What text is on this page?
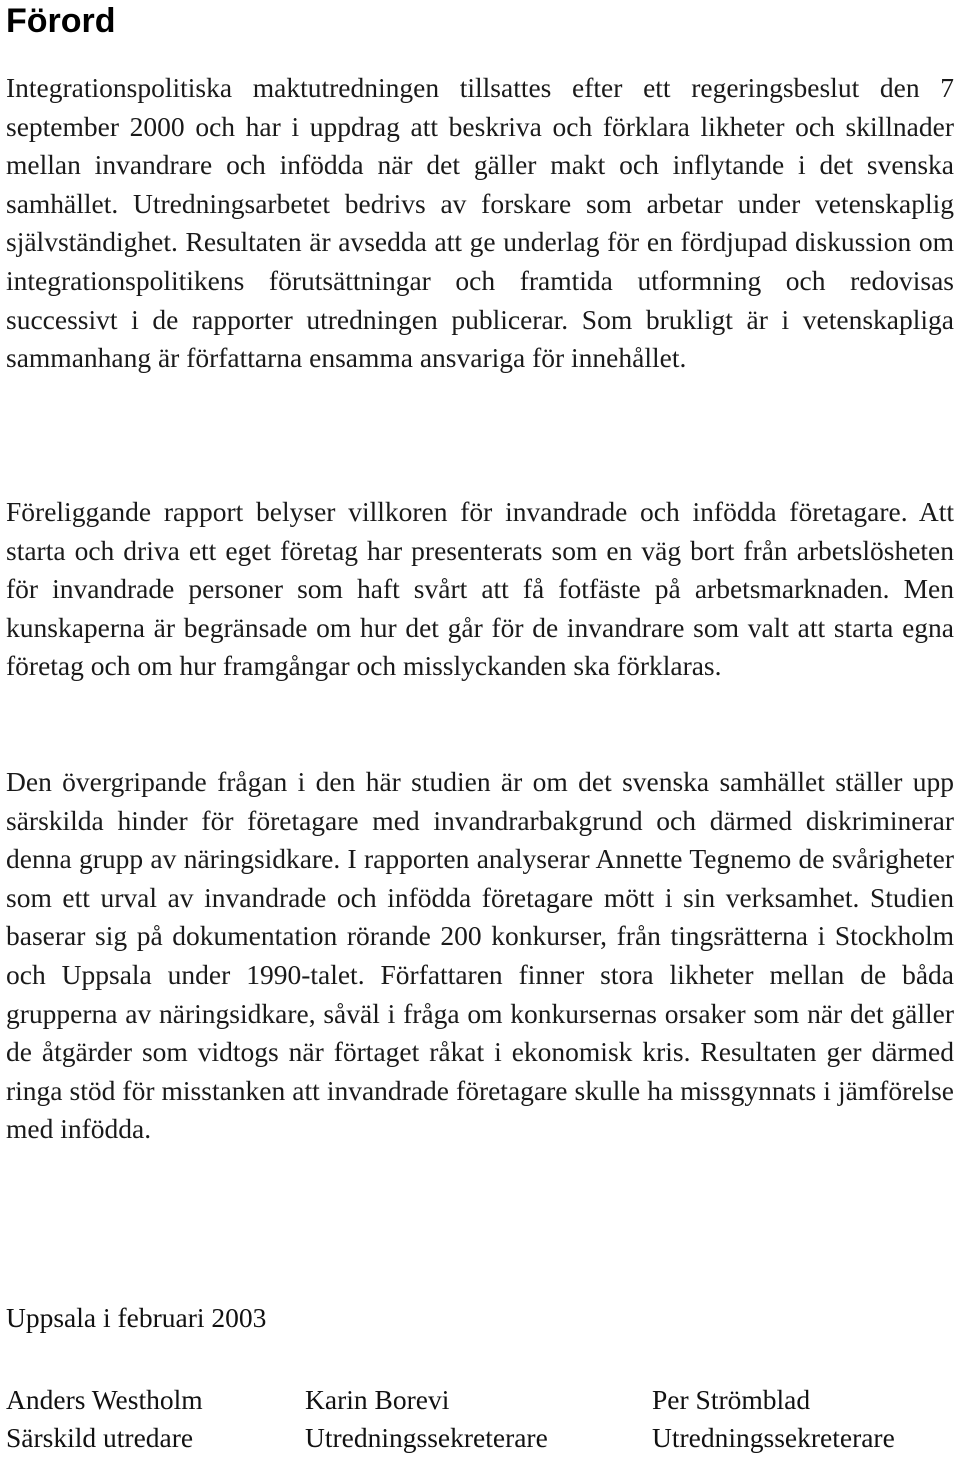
Förord

Integrationspolitiska maktutredningen tillsattes efter ett regeringsbeslut den 7 september 2000 och har i uppdrag att beskriva och förklara likheter och skillnader mellan invandrare och infödda när det gäller makt och inflytande i det svenska samhället. Utredningsarbetet bedrivs av forskare som arbetar under vetenskaplig självständighet. Resultaten är avsedda att ge underlag för en fördjupad diskussion om integrationspolitikens förutsättningar och framtida utformning och redovisas successivt i de rapporter utredningen publicerar. Som brukligt är i vetenskapliga sammanhang är författarna ensamma ansvariga för innehållet.

Föreliggande rapport belyser villkoren för invandrade och infödda företagare. Att starta och driva ett eget företag har presenterats som en väg bort från arbetslösheten för invandrade personer som haft svårt att få fotfäste på arbetsmarknaden. Men kunskaperna är begränsade om hur det går för de invandrare som valt att starta egna företag och om hur framgångar och misslyckanden ska förklaras.

Den övergripande frågan i den här studien är om det svenska samhället ställer upp särskilda hinder för företagare med invandrarbakgrund och därmed diskriminerar denna grupp av näringsidkare. I rapporten analyserar Annette Tegnemo de svårigheter som ett urval av invandrade och infödda företagare mött i sin verksamhet. Studien baserar sig på dokumentation rörande 200 konkurser, från tingsrätterna i Stockholm och Uppsala under 1990-talet. Författaren finner stora likheter mellan de båda grupperna av näringsidkare, såväl i fråga om konkursernas orsaker som när det gäller de åtgärder som vidtogs när förtaget råkat i ekonomisk kris. Resultaten ger därmed ringa stöd för misstanken att invandrade företagare skulle ha missgynnats i jämförelse med infödda.

Uppsala i februari 2003

Anders Westholm
Särskild utredare
Karin Borevi
Utredningssekreterare
Per Strömblad
Utredningssekreterare
